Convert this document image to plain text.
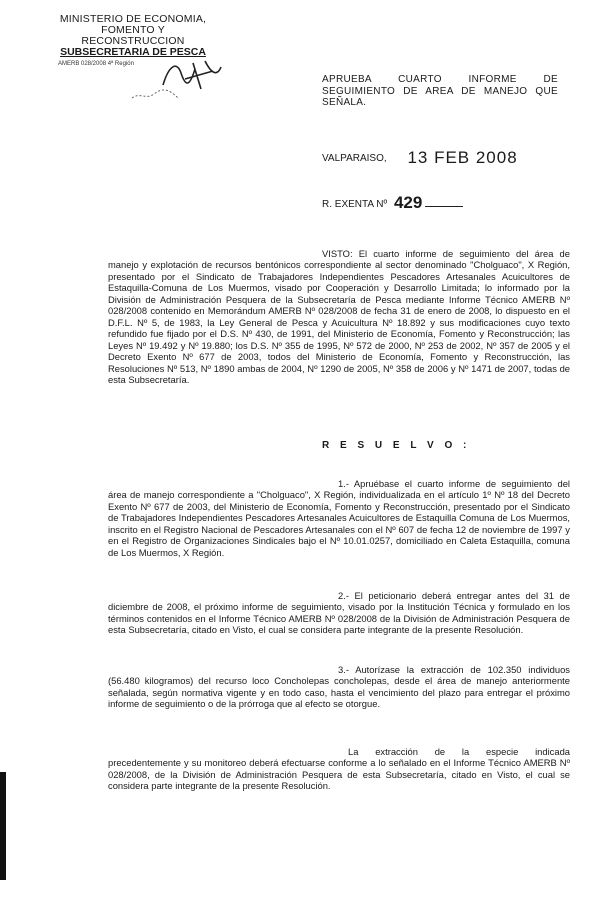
MINISTERIO DE ECONOMIA,
FOMENTO Y RECONSTRUCCION
SUBSECRETARIA DE PESCA
AMERB 028/2008 4ª Región
APRUEBA CUARTO INFORME DE SEGUIMIENTO DE AREA DE MANEJO QUE SEÑALA.
VALPARAISO, 13 FEB 2008
R. EXENTA Nº 429
VISTO: El cuarto informe de seguimiento del área de manejo y explotación de recursos bentónicos correspondiente al sector denominado "Cholguaco", X Región, presentado por el Sindicato de Trabajadores Independientes Pescadores Artesanales Acuicultores de Estaquilla-Comuna de Los Muermos, visado por Cooperación y Desarrollo Limitada; lo informado por la División de Administración Pesquera de la Subsecretaría de Pesca mediante Informe Técnico AMERB Nº 028/2008 contenido en Memorándum AMERB Nº 028/2008 de fecha 31 de enero de 2008, lo dispuesto en el D.F.L. Nº 5, de 1983, la Ley General de Pesca y Acuicultura Nº 18.892 y sus modificaciones cuyo texto refundido fue fijado por el D.S. Nº 430, de 1991, del Ministerio de Economía, Fomento y Reconstrucción; las Leyes Nº 19.492 y Nº 19.880; los D.S. Nº 355 de 1995, Nº 572 de 2000, Nº 253 de 2002, Nº 357 de 2005 y el Decreto Exento Nº 677 de 2003, todos del Ministerio de Economía, Fomento y Reconstrucción, las Resoluciones Nº 513, Nº 1890 ambas de 2004, Nº 1290 de 2005, Nº 358 de 2006 y Nº 1471 de 2007, todas de esta Subsecretaría.
R E S U E L V O :
1.- Apruébase el cuarto informe de seguimiento del área de manejo correspondiente a "Cholguaco", X Región, individualizada en el artículo 1º Nº 18 del Decreto Exento Nº 677 de 2003, del Ministerio de Economía, Fomento y Reconstrucción, presentado por el Sindicato de Trabajadores Independientes Pescadores Artesanales Acuicultores de Estaquilla Comuna de Los Muermos, inscrito en el Registro Nacional de Pescadores Artesanales con el Nº 607 de fecha 12 de noviembre de 1997 y en el Registro de Organizaciones Sindicales bajo el Nº 10.01.0257, domiciliado en Caleta Estaquilla, comuna de Los Muermos, X Región.
2.- El peticionario deberá entregar antes del 31 de diciembre de 2008, el próximo informe de seguimiento, visado por la Institución Técnica y formulado en los términos contenidos en el Informe Técnico AMERB Nº 028/2008 de la División de Administración Pesquera de esta Subsecretaría, citado en Visto, el cual se considera parte integrante de la presente Resolución.
3.- Autorízase la extracción de 102.350 individuos (56.480 kilogramos) del recurso loco Concholepas concholepas, desde el área de manejo anteriormente señalada, según normativa vigente y en todo caso, hasta el vencimiento del plazo para entregar el próximo informe de seguimiento o de la prórroga que al efecto se otorgue.
La extracción de la especie indicada precedentemente y su monitoreo deberá efectuarse conforme a lo señalado en el Informe Técnico AMERB Nº 028/2008, de la División de Administración Pesquera de esta Subsecretaría, citado en Visto, el cual se considera parte integrante de la presente Resolución.
